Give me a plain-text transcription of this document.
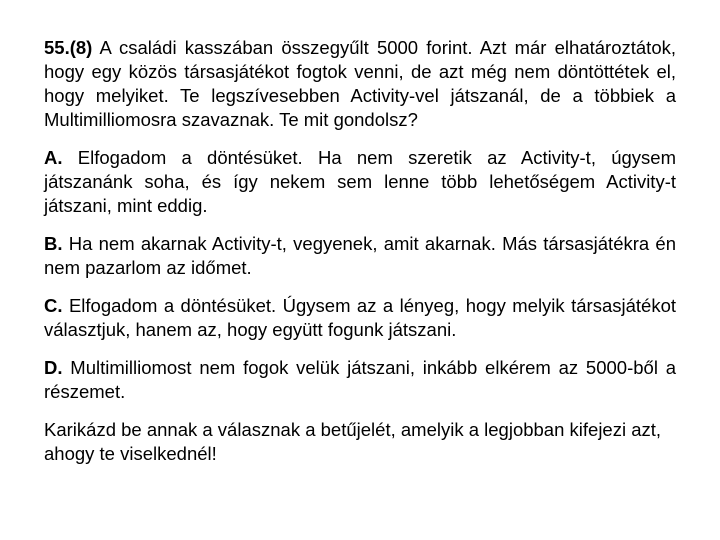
55.(8) A családi kasszában összegyűlt 5000 forint. Azt már elhatároztátok, hogy egy közös társasjátékot fogtok venni, de azt még nem döntöttétek el, hogy melyiket. Te legszívesebben Activity-vel játszanál, de a többiek a Multimilliomosra szavaznak. Te mit gondolsz?

A. Elfogadom a döntésüket. Ha nem szeretik az Activity-t, úgysem játszanánk soha, és így nekem sem lenne több lehetőségem Activity-t játszani, mint eddig.

B. Ha nem akarnak Activity-t, vegyenek, amit akarnak. Más társasjátékra én nem pazarlom az időmet.

C. Elfogadom a döntésüket. Úgysem az a lényeg, hogy melyik társasjátékot választjuk, hanem az, hogy együtt fogunk játszani.

D. Multimilliomost nem fogok velük játszani, inkább elkérem az 5000-ből a részemet.

Karikázd be annak a válasznak a betűjelét, amelyik a legjobban kifejezi azt, ahogy te viselkednél!
